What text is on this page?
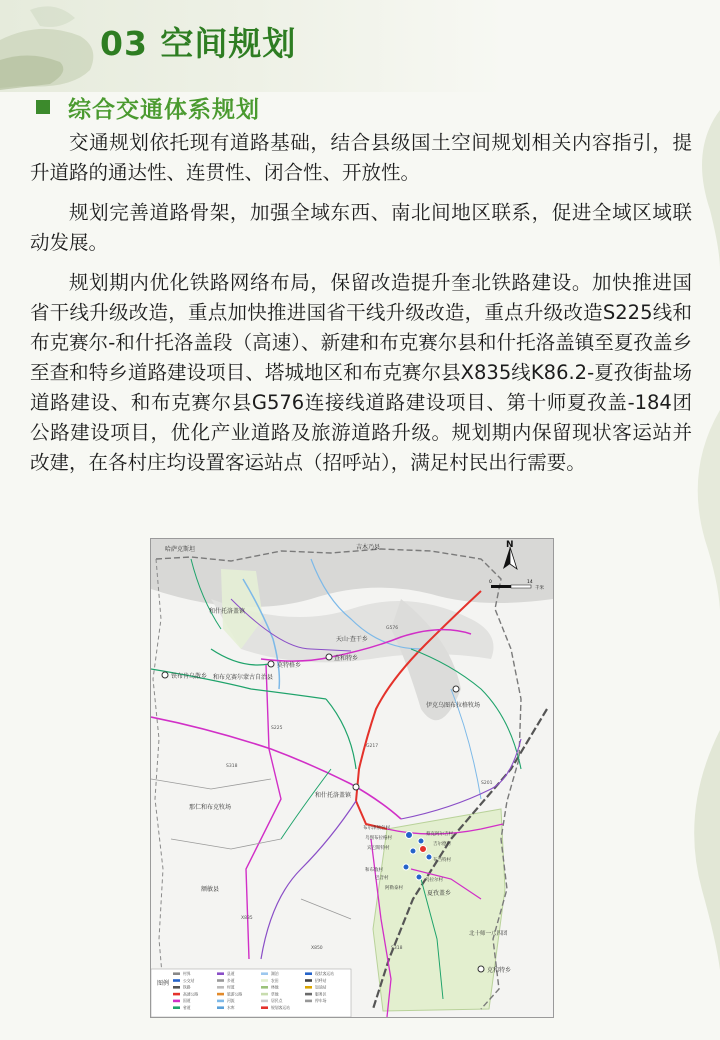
03 空间规划
综合交通体系规划

交通规划依托现有道路基础，结合县级国土空间规划相关内容指引，提升道路的通达性、连贯性、闭合性、开放性。

规划完善道路骨架，加强全域东西、南北间地区联系，促进全域区域联动发展。

规划期内优化铁路网络布局，保留改造提升奎北铁路建设。加快推进国省干线升级改造，重点加快推进国省干线升级改造，重点升级改造S225线和布克赛尔-和什托洛盖段（高速）、新建和布克赛尔县和什托洛盖镇至夏孜盖乡至查和特乡道路建设项目、塔城地区和布克赛尔县X835线K86.2-夏孜街盐场道路建设、和布克赛尔县G576连接线道路建设项目、第十师夏孜盖-184团公路建设项目，优化产业道路及旅游道路升级。规划期内保留现状客运站并改建，在各村庄均设置客运站点（招呼站），满足村民出行需要。

哈萨克斯坦	吉木乃县
和什托洛盖镇
莫特格乡
和布克赛尔蒙古自治县
铁布肯乌散乡
查和特乡
天山·查干乡
伊克乌图布拉格牧场
和什托洛盖镇
那仁和布克牧场
夏孜盖乡
北十师一八四团
额敏县
克和特乡
布尔津敖包村
蔡克阿尔吉村
乌图布拉格村
吉尔德村
宾巴斯特村
布当特村
和布敦村
乌拉尔村
巴音村
阿勒泰村
G576
S225
S318
X835
G217
S201
X850	S318
N
0	14
千米
图例
村界
公交站
铁路
高速公路
国道
省道
县道
乡道
村道
旅游公路
河流
水库
湖泊
农田
林地
草地
居民点
规划客运站
现状客运站
招呼站
加油站
服务区
停车场
